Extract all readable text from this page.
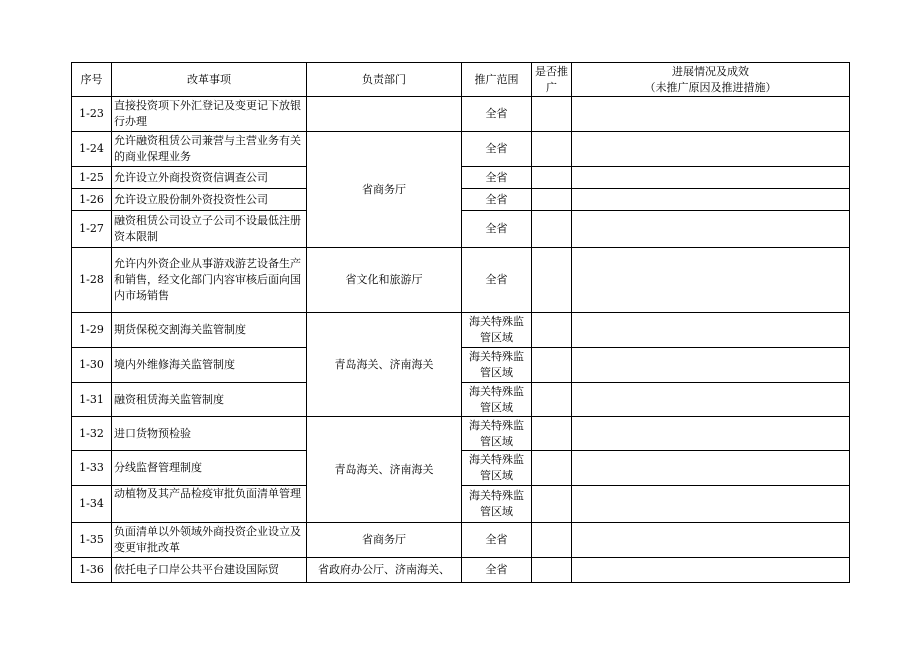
序号	改革事项	负责部门	推广范围	是否推广	进展情况及成效
（未推广原因及推进措施）

1-23	直接投资项下外汇登记及变更记下放银行办理		全省		
1-24	允许融资租赁公司兼营与主营业务有关的商业保理业务	省商务厅	全省		
1-25	允许设立外商投资资信调查公司		全省		
1-26	允许设立股份制外资投资性公司		全省		
1-27	融资租赁公司设立子公司不设最低注册资本限制		全省		
1-28	允许内外资企业从事游戏游艺设备生产和销售，经文化部门内容审核后面向国内市场销售	省文化和旅游厅	全省		
1-29	期货保税交割海关监管制度	青岛海关、济南海关	海关特殊监管区域		
1-30	境内外维修海关监管制度		海关特殊监管区域		
1-31	融资租赁海关监管制度		海关特殊监管区域		
1-32	进口货物预检验	青岛海关、济南海关	海关特殊监管区域		
1-33	分线监督管理制度		海关特殊监管区域		
1-34	动植物及其产品检疫审批负面清单管理		海关特殊监管区域		
1-35	负面清单以外领域外商投资企业设立及变更审批改革	省商务厅	全省		
1-36	依托电子口岸公共平台建设国际贸	省政府办公厅、济南海关、	全省		
